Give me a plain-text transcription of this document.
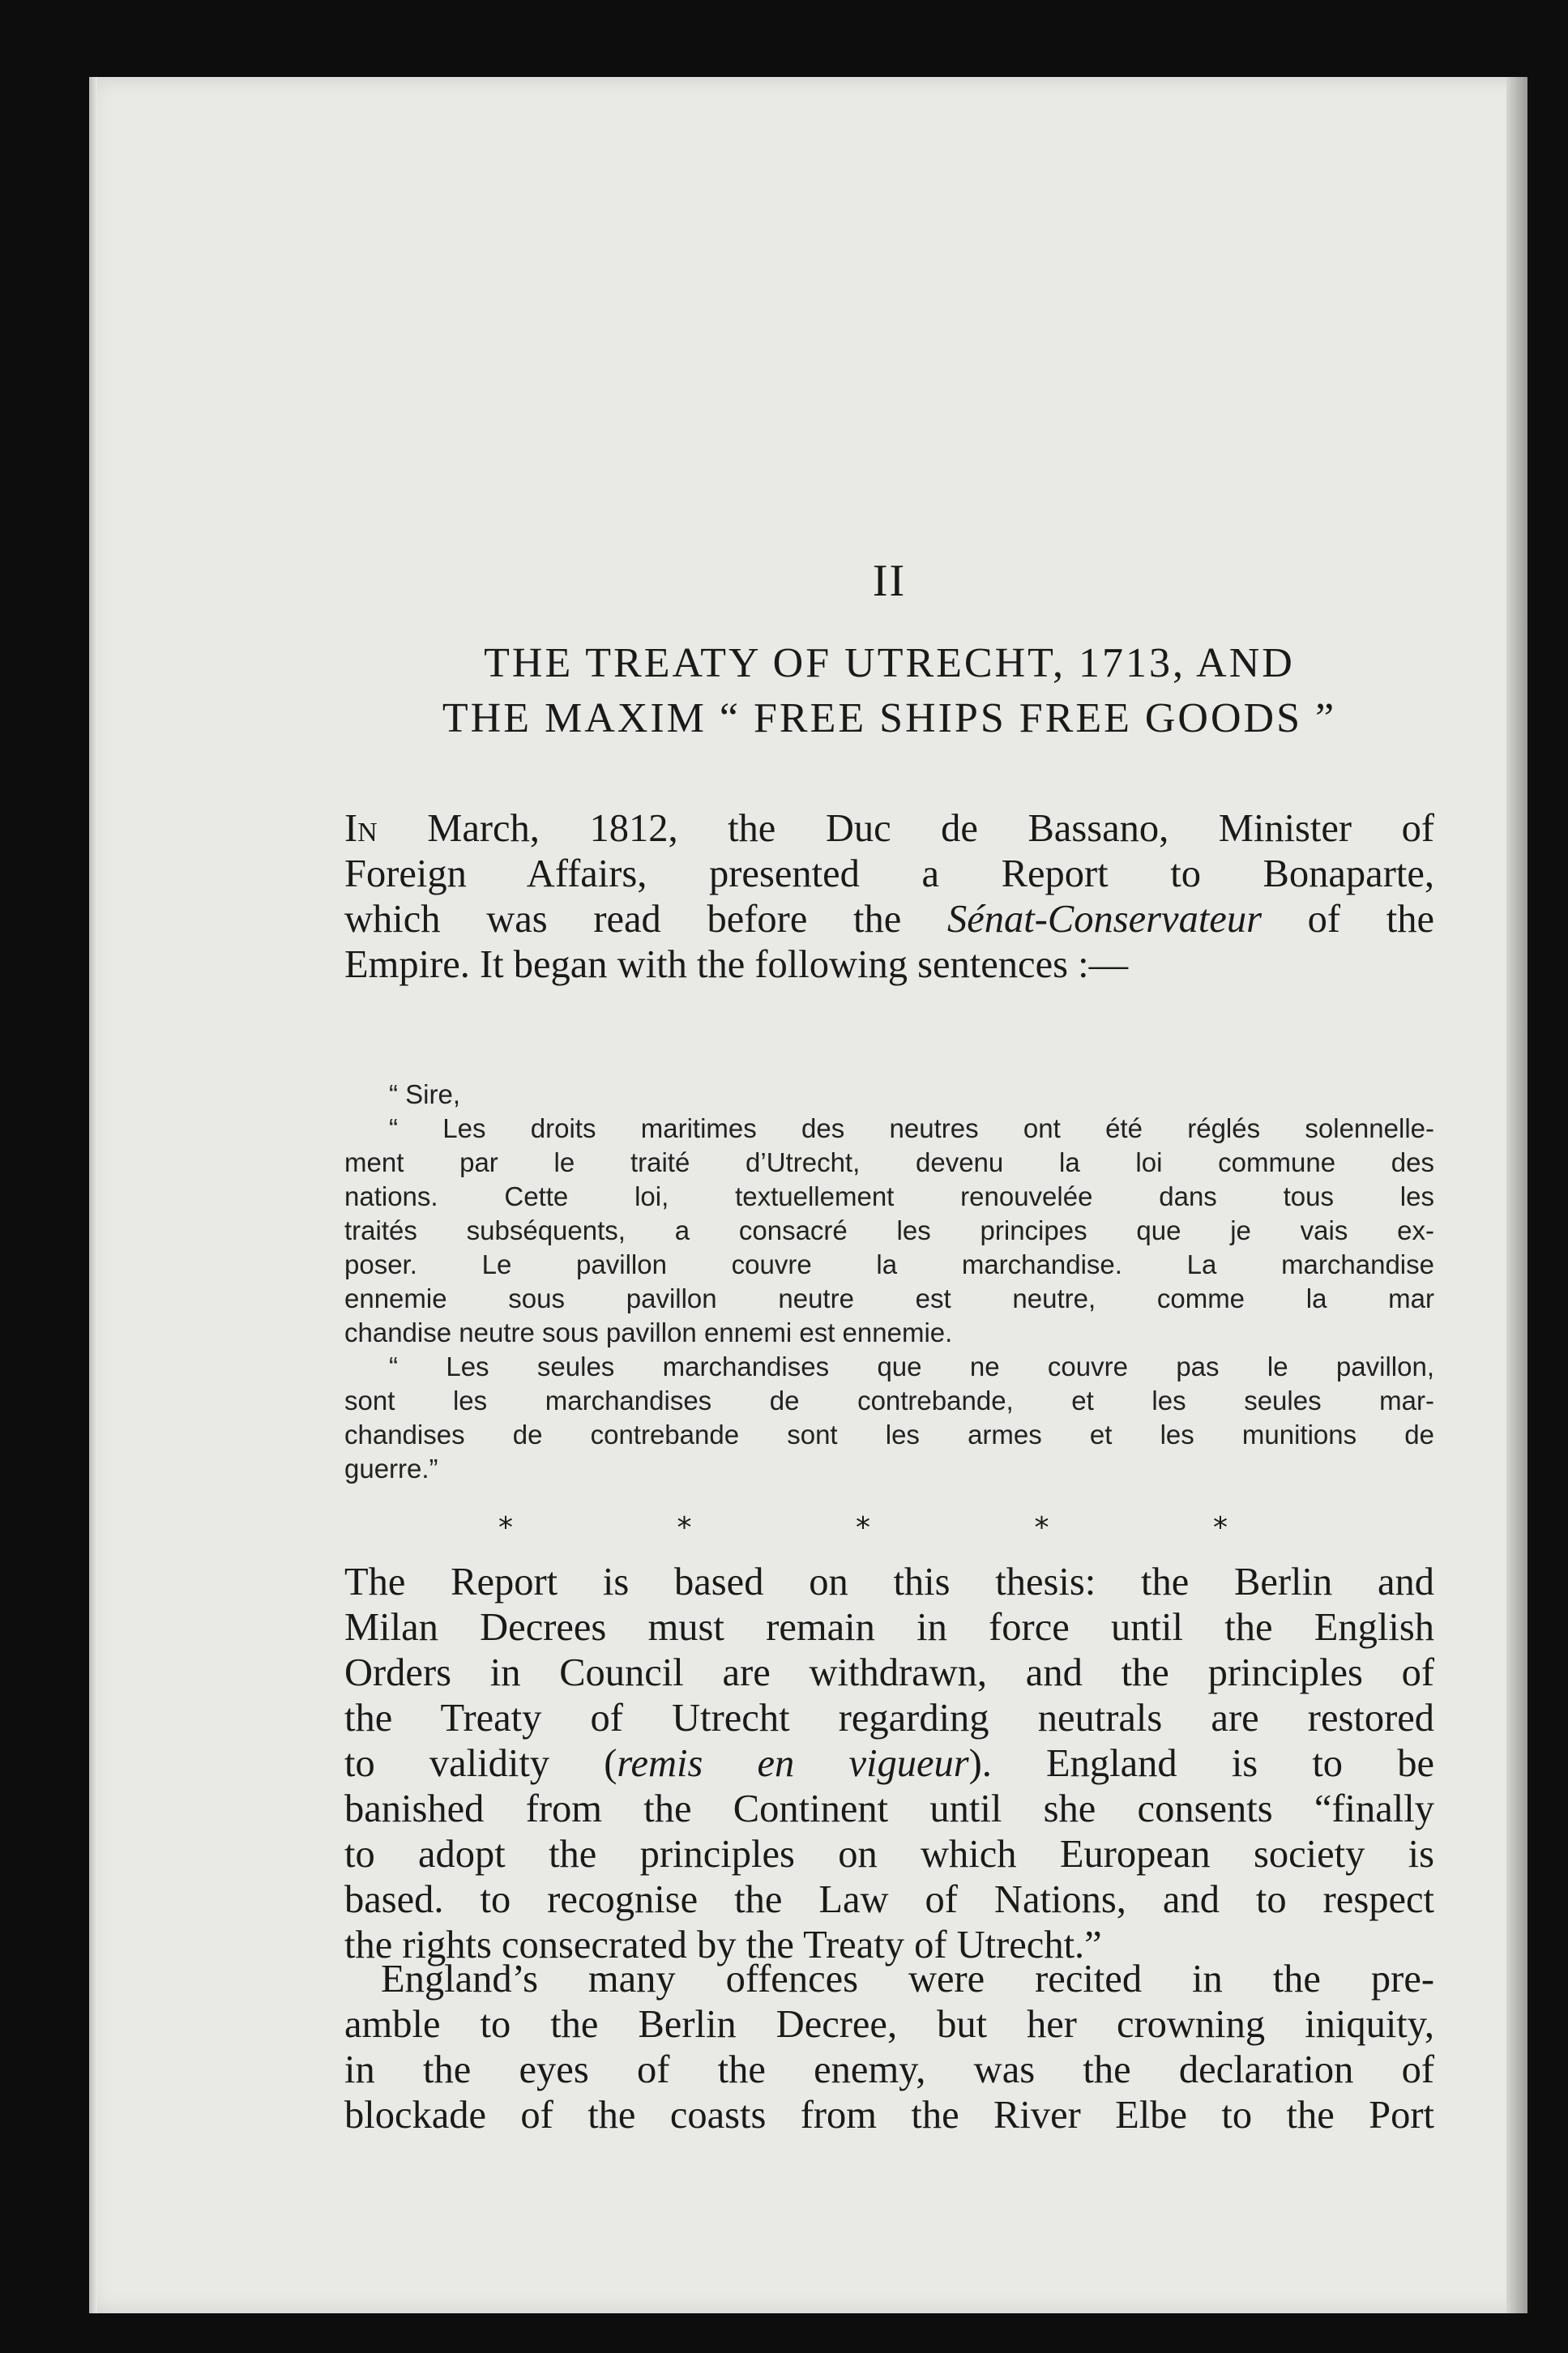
II
THE TREATY OF UTRECHT, 1713, AND
THE MAXIM “ FREE SHIPS FREE GOODS ”
In March, 1812, the Duc de Bassano, Minister of
Foreign Affairs, presented a Report to Bonaparte,
which was read before the Sénat-Conservateur of the
Empire. It began with the following sentences :—
“ Sire,
“ Les droits maritimes des neutres ont été réglés solennelle-
ment par le traité d’Utrecht, devenu la loi commune des
nations. Cette loi, textuellement renouvelée dans tous les
traités subséquents, a consacré les principes que je vais ex-
poser. Le pavillon couvre la marchandise. La marchandise
ennemie sous pavillon neutre est neutre, comme la mar
chandise neutre sous pavillon ennemi est ennemie.
“ Les seules marchandises que ne couvre pas le pavillon,
sont les marchandises de contrebande, et les seules mar-
chandises de contrebande sont les armes et les munitions de
guerre.”
*	*	*	*	*
The Report is based on this thesis: the Berlin and
Milan Decrees must remain in force until the English
Orders in Council are withdrawn, and the principles of
the Treaty of Utrecht regarding neutrals are restored
to validity (remis en vigueur). England is to be
banished from the Continent until she consents “finally
to adopt the principles on which European society is
based. to recognise the Law of Nations, and to respect
the rights consecrated by the Treaty of Utrecht.”
England’s many offences were recited in the pre-
amble to the Berlin Decree, but her crowning iniquity,
in the eyes of the enemy, was the declaration of
blockade of the coasts from the River Elbe to the Port
